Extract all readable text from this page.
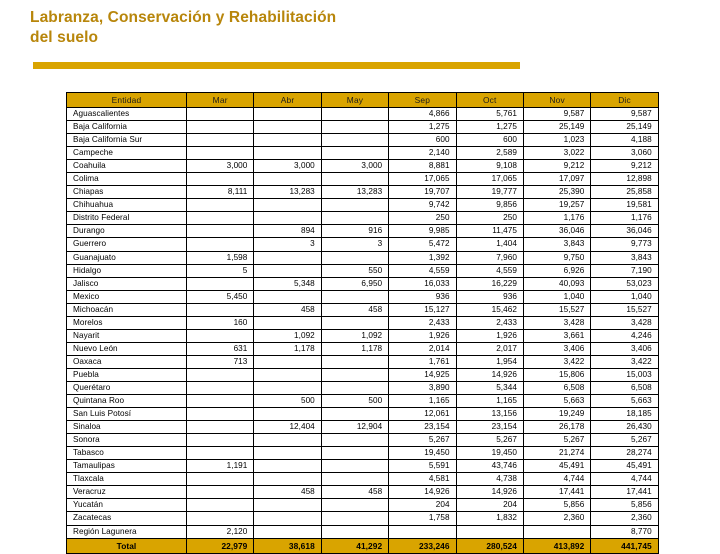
Labranza, Conservación y Rehabilitación
del suelo
Entidad	Mar	Abr	May	Sep	Oct	Nov	Dic
Aguascalientes				4,866	5,761	9,587	9,587
Baja California				1,275	1,275	25,149	25,149
Baja California Sur				600	600	1,023	4,188
Campeche				2,140	2,589	3,022	3,060
Coahuila	3,000	3,000	3,000	8,881	9,108	9,212	9,212
Colima				17,065	17,065	17,097	12,898
Chiapas	8,111	13,283	13,283	19,707	19,777	25,390	25,858
Chihuahua				9,742	9,856	19,257	19,581
Distrito Federal				250	250	1,176	1,176
Durango		894	916	9,985	11,475	36,046	36,046
Guerrero		3	3	5,472	1,404	3,843	9,773
Guanajuato	1,598			1,392	7,960	9,750	3,843
Hidalgo	5		550	4,559	4,559	6,926	7,190
Jalisco		5,348	6,950	16,033	16,229	40,093	53,023
Mexico	5,450			936	936	1,040	1,040
Michoacán		458	458	15,127	15,462	15,527	15,527
Morelos	160			2,433	2,433	3,428	3,428
Nayarit		1,092	1,092	1,926	1,926	3,661	4,246
Nuevo León	631	1,178	1,178	2,014	2,017	3,406	3,406
Oaxaca	713			1,761	1,954	3,422	3,422
Puebla				14,925	14,926	15,806	15,003
Querétaro				3,890	5,344	6,508	6,508
Quintana Roo		500	500	1,165	1,165	5,663	5,663
San Luis Potosí				12,061	13,156	19,249	18,185
Sinaloa		12,404	12,904	23,154	23,154	26,178	26,430
Sonora				5,267	5,267	5,267	5,267
Tabasco				19,450	19,450	21,274	28,274
Tamaulipas	1,191			5,591	43,746	45,491	45,491
Tlaxcala				4,581	4,738	4,744	4,744
Veracruz		458	458	14,926	14,926	17,441	17,441
Yucatán				204	204	5,856	5,856
Zacatecas				1,758	1,832	2,360	2,360
Región Lagunera	2,120						8,770
Total	22,979	38,618	41,292	233,246	280,524	413,892	441,745
